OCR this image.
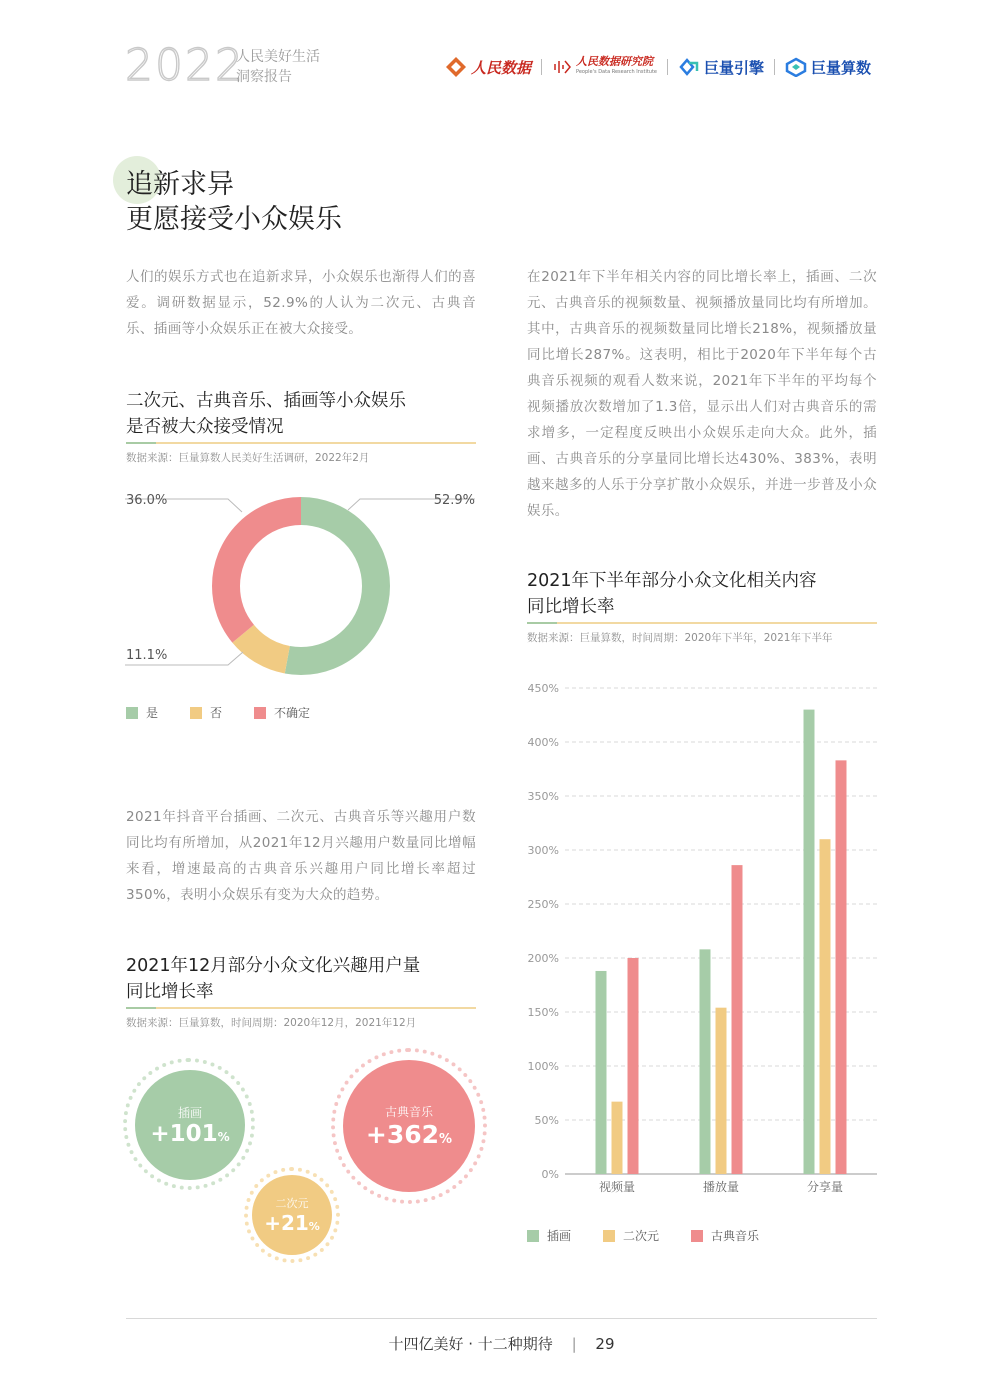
2022
人民美好生活
洞察报告
人民数据	人民数据研究院
People's Data Research Institute	巨量引擎	巨量算数
追新求异
更愿接受小众娱乐
人们的娱乐方式也在追新求异，小众娱乐也渐得人们的喜爱。调研数据显示，52.9%的人认为二次元、古典音乐、插画等小众娱乐正在被大众接受。
在2021年下半年相关内容的同比增长率上，插画、二次元、古典音乐的视频数量、视频播放量同比均有所增加。其中，古典音乐的视频数量同比增长218%，视频播放量同比增长287%。这表明，相比于2020年下半年每个古典音乐视频的观看人数来说，2021年下半年的平均每个视频播放次数增加了1.3倍，显示出人们对古典音乐的需求增多，一定程度反映出小众娱乐走向大众。此外，插画、古典音乐的分享量同比增长达430%、383%，表明越来越多的人乐于分享扩散小众娱乐，并进一步普及小众娱乐。
2021年抖音平台插画、二次元、古典音乐等兴趣用户数同比均有所增加，从2021年12月兴趣用户数量同比增幅来看，增速最高的古典音乐兴趣用户同比增长率超过350%，表明小众娱乐有变为大众的趋势。
二次元、古典音乐、插画等小众娱乐
是否被大众接受情况
数据来源：巨量算数人民美好生活调研，2022年2月
52.9%
36.0%
11.1%
是	否	不确定
2021年12月部分小众文化兴趣用户量
同比增长率
数据来源：巨量算数，时间周期：2020年12月，2021年12月
插画
+101%
古典音乐
+362%
二次元
+21%
2021年下半年部分小众文化相关内容
同比增长率
数据来源：巨量算数，时间周期：2020年下半年，2021年下半年
0%
50%
100%
150%
200%
250%
300%
350%
400%
450%
视频量	播放量	分享量
插画	二次元	古典音乐
十四亿美好 · 十二种期待 | 29
